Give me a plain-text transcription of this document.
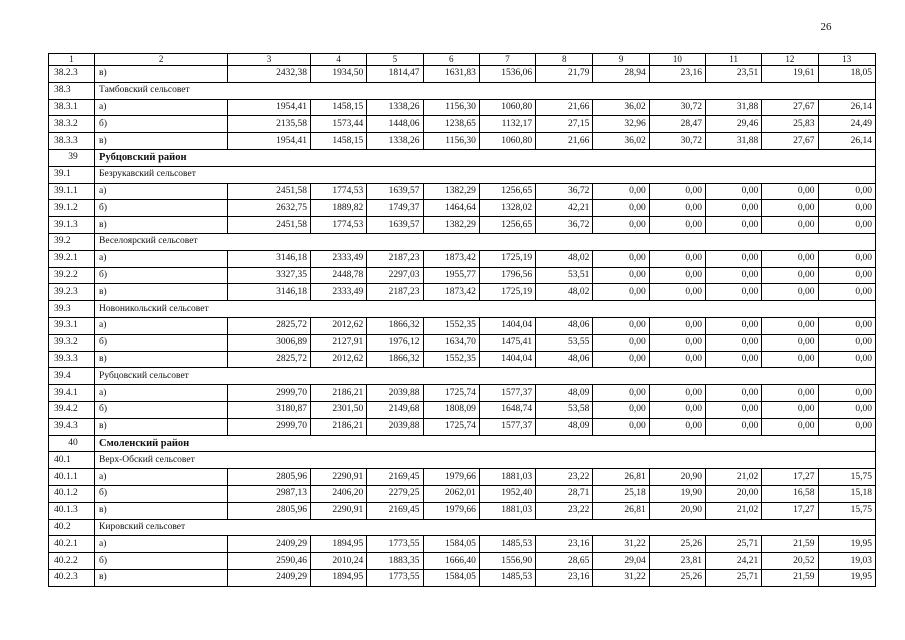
26
1	2	3	4	5	6	7	8	9	10	11	12	13
38.2.3	в)	2432,38	1934,50	1814,47	1631,83	1536,06	21,79	28,94	23,16	23,51	19,61	18,05
38.3	Тамбовский сельсовет											
38.3.1	а)	1954,41	1458,15	1338,26	1156,30	1060,80	21,66	36,02	30,72	31,88	27,67	26,14
38.3.2	б)	2135,58	1573,44	1448,06	1238,65	1132,17	27,15	32,96	28,47	29,46	25,83	24,49
38.3.3	в)	1954,41	1458,15	1338,26	1156,30	1060,80	21,66	36,02	30,72	31,88	27,67	26,14
39	Рубцовский район											
39.1	Безрукавский сельсовет											
39.1.1	а)	2451,58	1774,53	1639,57	1382,29	1256,65	36,72	0,00	0,00	0,00	0,00	0,00
39.1.2	б)	2632,75	1889,82	1749,37	1464,64	1328,02	42,21	0,00	0,00	0,00	0,00	0,00
39.1.3	в)	2451,58	1774,53	1639,57	1382,29	1256,65	36,72	0,00	0,00	0,00	0,00	0,00
39.2	Веселоярский сельсовет											
39.2.1	а)	3146,18	2333,49	2187,23	1873,42	1725,19	48,02	0,00	0,00	0,00	0,00	0,00
39.2.2	б)	3327,35	2448,78	2297,03	1955,77	1796,56	53,51	0,00	0,00	0,00	0,00	0,00
39.2.3	в)	3146,18	2333,49	2187,23	1873,42	1725,19	48,02	0,00	0,00	0,00	0,00	0,00
39.3	Новоникольский сельсовет											
39.3.1	а)	2825,72	2012,62	1866,32	1552,35	1404,04	48,06	0,00	0,00	0,00	0,00	0,00
39.3.2	б)	3006,89	2127,91	1976,12	1634,70	1475,41	53,55	0,00	0,00	0,00	0,00	0,00
39.3.3	в)	2825,72	2012,62	1866,32	1552,35	1404,04	48,06	0,00	0,00	0,00	0,00	0,00
39.4	Рубцовский сельсовет											
39.4.1	а)	2999,70	2186,21	2039,88	1725,74	1577,37	48,09	0,00	0,00	0,00	0,00	0,00
39.4.2	б)	3180,87	2301,50	2149,68	1808,09	1648,74	53,58	0,00	0,00	0,00	0,00	0,00
39.4.3	в)	2999,70	2186,21	2039,88	1725,74	1577,37	48,09	0,00	0,00	0,00	0,00	0,00
40	Смоленский район											
40.1	Верх-Обский сельсовет											
40.1.1	а)	2805,96	2290,91	2169,45	1979,66	1881,03	23,22	26,81	20,90	21,02	17,27	15,75
40.1.2	б)	2987,13	2406,20	2279,25	2062,01	1952,40	28,71	25,18	19,90	20,00	16,58	15,18
40.1.3	в)	2805,96	2290,91	2169,45	1979,66	1881,03	23,22	26,81	20,90	21,02	17,27	15,75
40.2	Кировский сельсовет											
40.2.1	а)	2409,29	1894,95	1773,55	1584,05	1485,53	23,16	31,22	25,26	25,71	21,59	19,95
40.2.2	б)	2590,46	2010,24	1883,35	1666,40	1556,90	28,65	29,04	23,81	24,21	20,52	19,03
40.2.3	в)	2409,29	1894,95	1773,55	1584,05	1485,53	23,16	31,22	25,26	25,71	21,59	19,95
